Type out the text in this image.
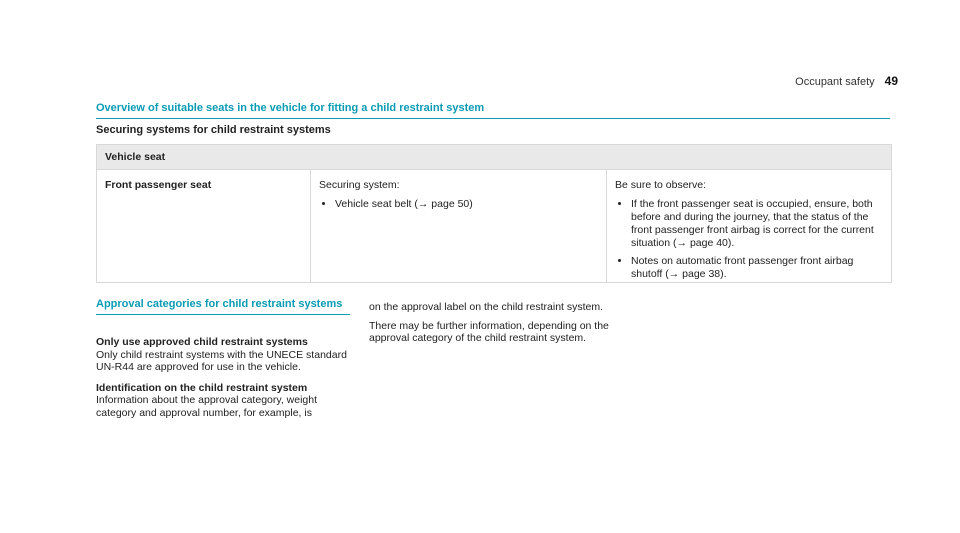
Occupant safety 49
Overview of suitable seats in the vehicle for fitting a child restraint system
Securing systems for child restraint systems
Vehicle seat
Front passenger seat	Securing system:
• Vehicle seat belt (→ page 50)
Be sure to observe:
• If the front passenger seat is occupied, ensure, both before and during the journey, that the status of the front passenger front airbag is correct for the current situation (→ page 40).
• Notes on automatic front passenger front airbag shutoff (→ page 38).
Approval categories for child restraint systems
Only use approved child restraint systems

Only child restraint systems with the UNECE standard UN-R44 are approved for use in the vehicle.

Identification on the child restraint system

Information about the approval category, weight category and approval number, for example, is

on the approval label on the child restraint system.

There may be further information, depending on the approval category of the child restraint system.
